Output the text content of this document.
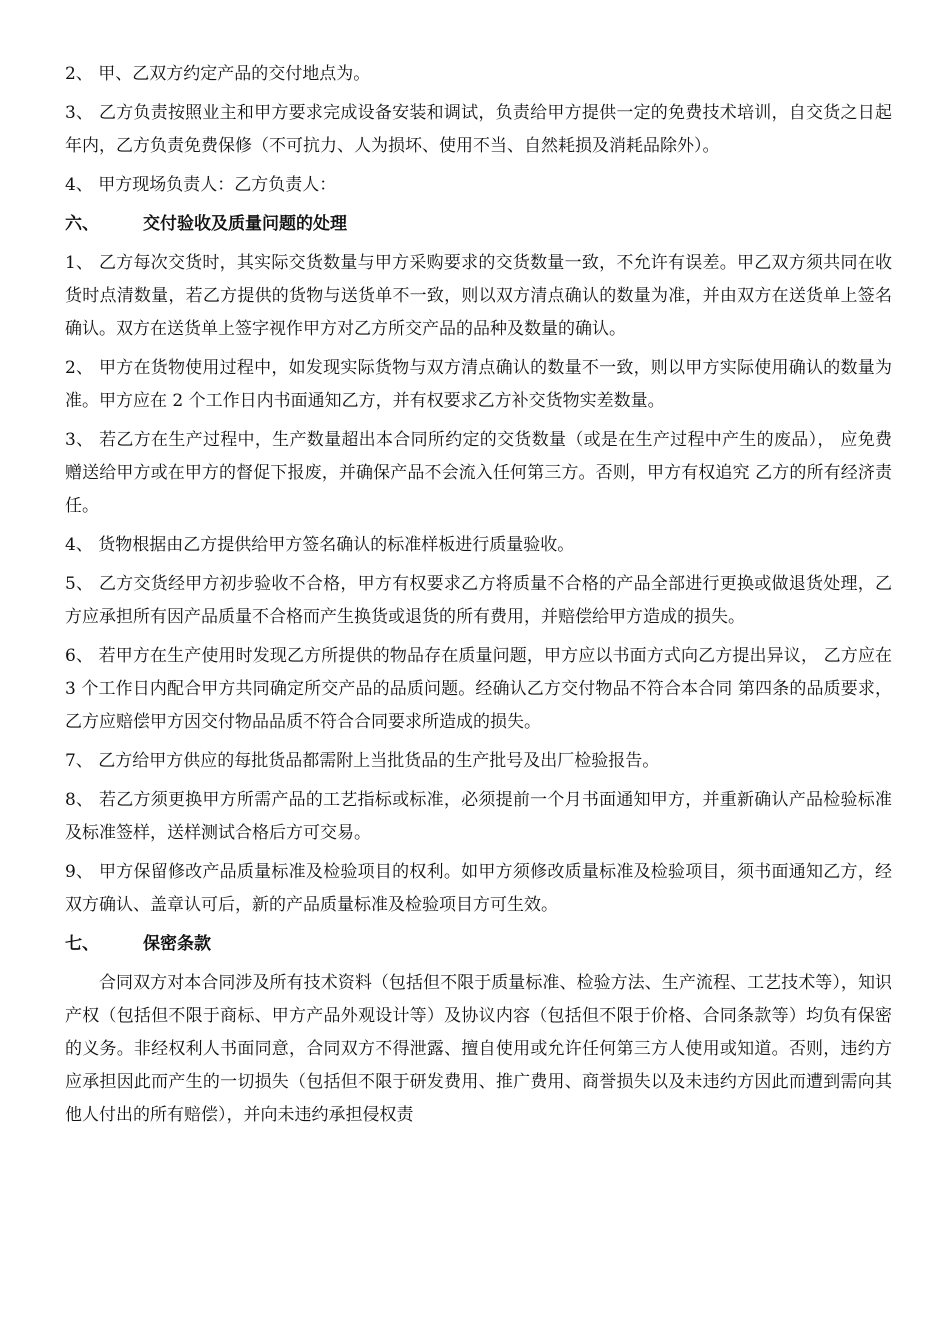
2、 甲、乙双方约定产品的交付地点为。

3、 乙方负责按照业主和甲方要求完成设备安装和调试，负责给甲方提供一定的免费技术培训，自交货之日起年内，乙方负责免费保修（不可抗力、人为损坏、使用不当、自然耗损及消耗品除外）。

4、 甲方现场负责人：乙方负责人：

六、	交付验收及质量问题的处理

1、 乙方每次交货时，其实际交货数量与甲方采购要求的交货数量一致，不允许有误差。甲乙双方须共同在收货时点清数量，若乙方提供的货物与送货单不一致，则以双方清点确认的数量为准，并由双方在送货单上签名确认。双方在送货单上签字视作甲方对乙方所交产品的品种及数量的确认。

2、 甲方在货物使用过程中，如发现实际货物与双方清点确认的数量不一致，则以甲方实际使用确认的数量为准。甲方应在 2 个工作日内书面通知乙方，并有权要求乙方补交货物实差数量。

3、 若乙方在生产过程中，生产数量超出本合同所约定的交货数量（或是在生产过程中产生的废品）， 应免费赠送给甲方或在甲方的督促下报废，并确保产品不会流入任何第三方。否则，甲方有权追究 乙方的所有经济责任。

4、 货物根据由乙方提供给甲方签名确认的标准样板进行质量验收。

5、 乙方交货经甲方初步验收不合格，甲方有权要求乙方将质量不合格的产品全部进行更换或做退货处理，乙方应承担所有因产品质量不合格而产生换货或退货的所有费用，并赔偿给甲方造成的损失。

6、 若甲方在生产使用时发现乙方所提供的物品存在质量问题，甲方应以书面方式向乙方提出异议， 乙方应在 3 个工作日内配合甲方共同确定所交产品的品质问题。经确认乙方交付物品不符合本合同 第四条的品质要求，乙方应赔偿甲方因交付物品品质不符合合同要求所造成的损失。

7、 乙方给甲方供应的每批货品都需附上当批货品的生产批号及出厂检验报告。

8、 若乙方须更换甲方所需产品的工艺指标或标准，必须提前一个月书面通知甲方，并重新确认产品检验标准及标准签样，送样测试合格后方可交易。

9、 甲方保留修改产品质量标准及检验项目的权利。如甲方须修改质量标准及检验项目，须书面通知乙方，经双方确认、盖章认可后，新的产品质量标准及检验项目方可生效。

七、	保密条款

合同双方对本合同涉及所有技术资料（包括但不限于质量标准、检验方法、生产流程、工艺技术等），知识产权（包括但不限于商标、甲方产品外观设计等）及协议内容（包括但不限于价格、合同条款等）均负有保密的义务。非经权利人书面同意，合同双方不得泄露、擅自使用或允许任何第三方人使用或知道。否则，违约方应承担因此而产生的一切损失（包括但不限于研发费用、推广费用、商誉损失以及未违约方因此而遭到需向其他人付出的所有赔偿），并向未违约承担侵权责
